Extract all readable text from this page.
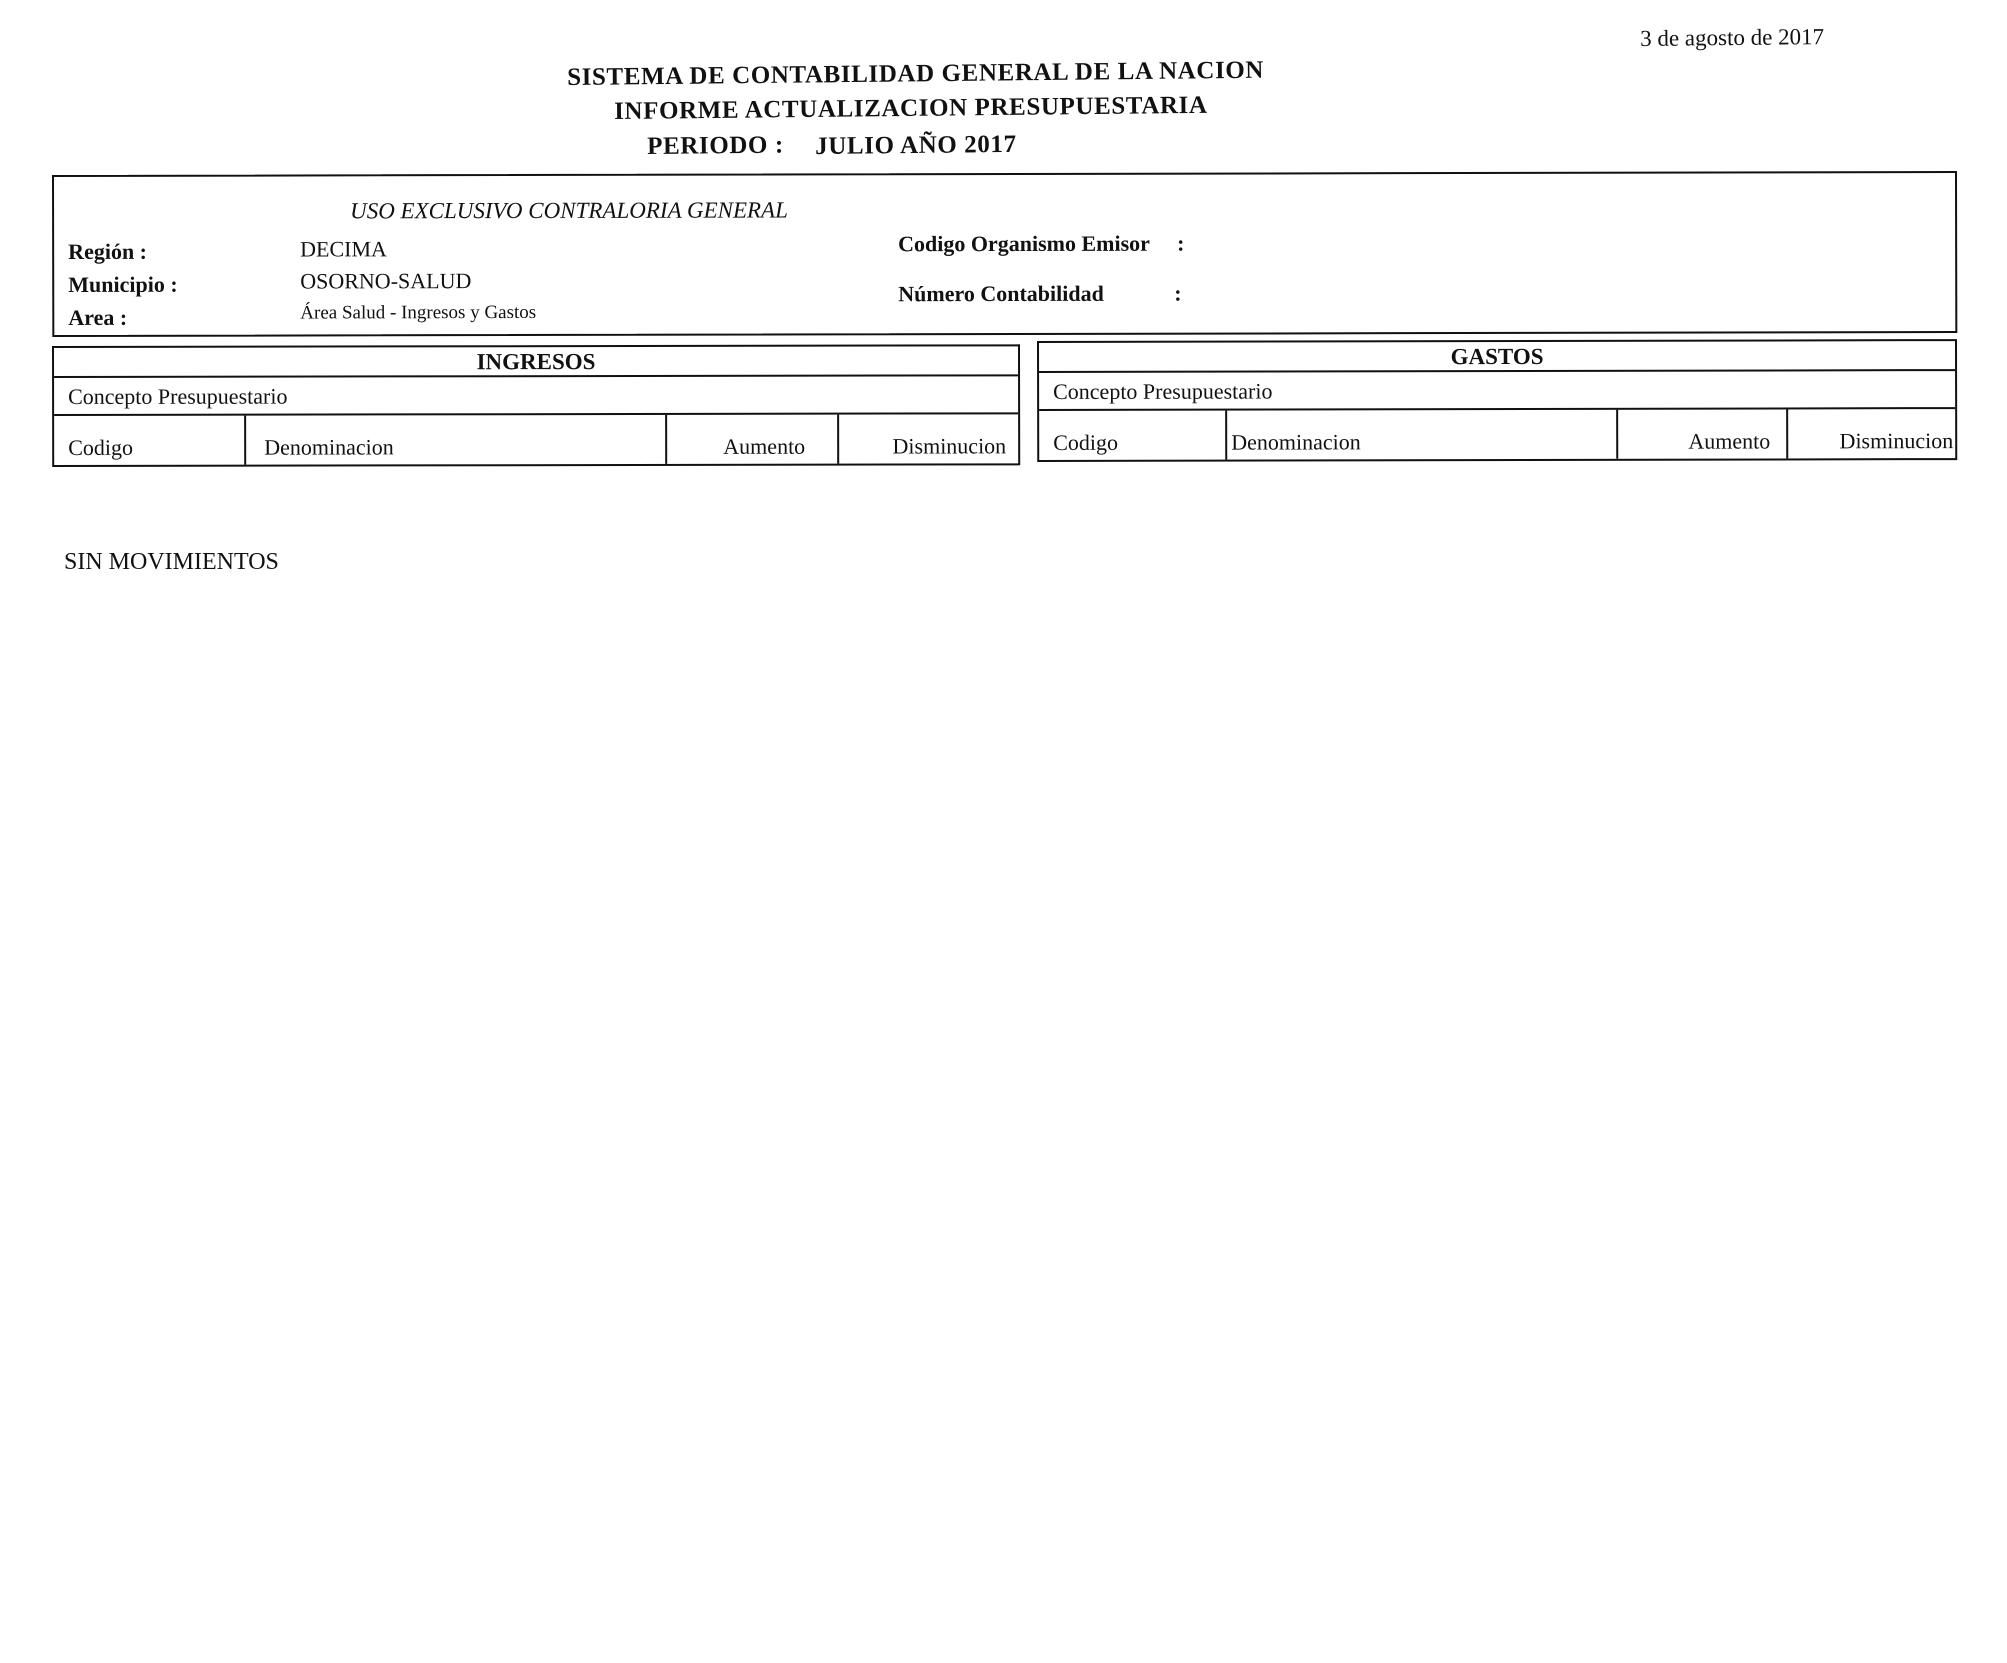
3 de agosto de 2017
SISTEMA DE CONTABILIDAD GENERAL DE LA NACION
INFORME ACTUALIZACION PRESUPUESTARIA
PERIODO : JULIO AÑO 2017
USO EXCLUSIVO CONTRALORIA GENERAL
Región :	DECIMA
Municipio :	OSORNO-SALUD
Area :	Área Salud - Ingresos y Gastos
Codigo Organismo Emisor :
Número Contabilidad	:
INGRESOS
Concepto Presupuestario
Codigo	Denominacion	Aumento	Disminucion
GASTOS
Concepto Presupuestario
Codigo	Denominacion	Aumento	Disminucion
SIN MOVIMIENTOS
